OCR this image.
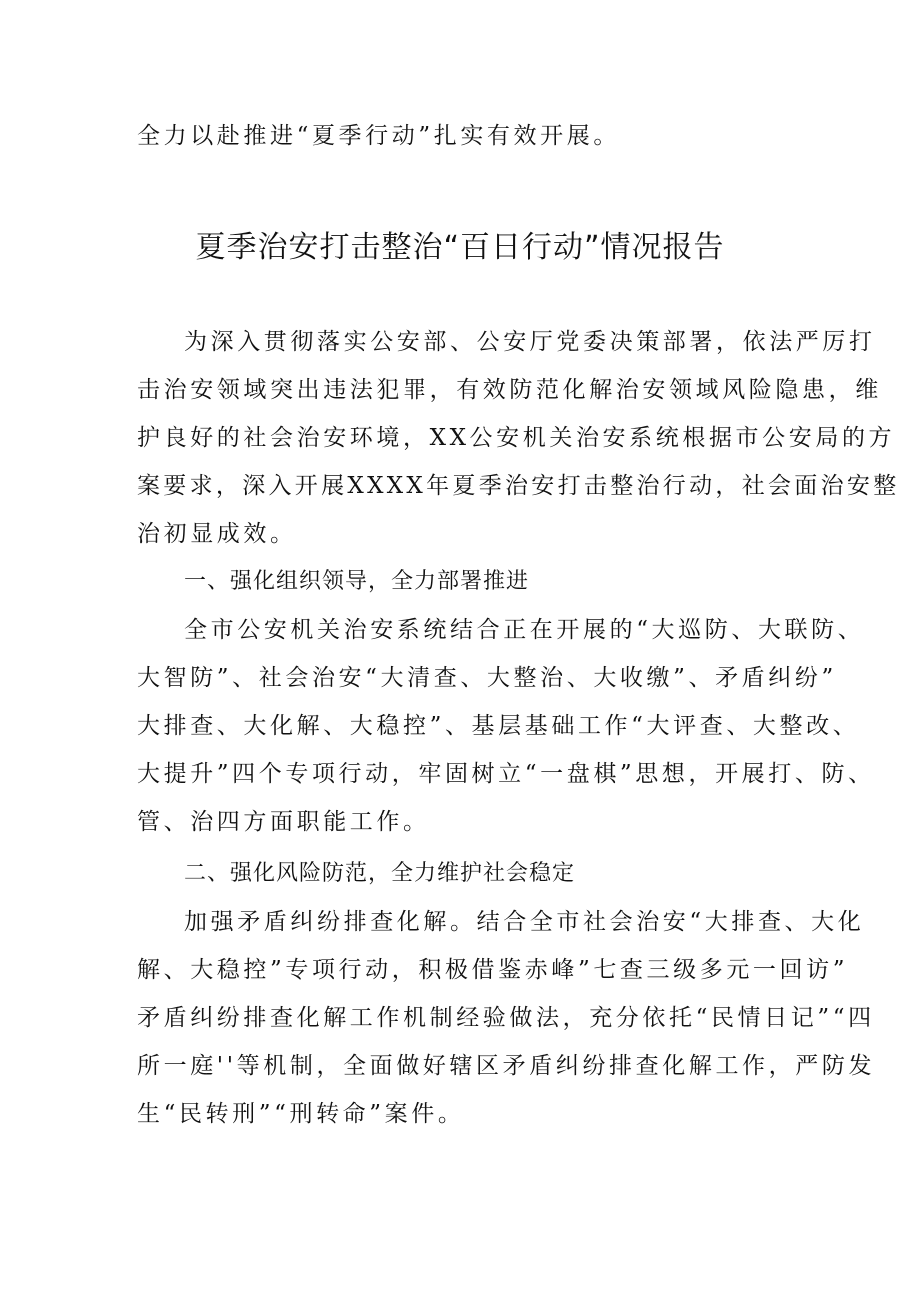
全力以赴推进“夏季行动”扎实有效开展。
夏季治安打击整治“百日行动”情况报告
为深入贯彻落实公安部、公安厅党委决策部署，依法严厉打
击治安领域突出违法犯罪，有效防范化解治安领域风险隐患，维
护良好的社会治安环境，XX公安机关治安系统根据市公安局的方
案要求，深入开展XXXX年夏季治安打击整治行动，社会面治安整
治初显成效。
一、强化组织领导，全力部署推进
全市公安机关治安系统结合正在开展的“大巡防、大联防、
大智防”、社会治安“大清查、大整治、大收缴”、矛盾纠纷”
大排查、大化解、大稳控”、基层基础工作“大评查、大整改、
大提升”四个专项行动，牢固树立“一盘棋”思想，开展打、防、
管、治四方面职能工作。
二、强化风险防范，全力维护社会稳定
加强矛盾纠纷排查化解。结合全市社会治安“大排查、大化
解、大稳控”专项行动，积极借鉴赤峰”七查三级多元一回访”
矛盾纠纷排查化解工作机制经验做法，充分依托“民情日记”“四
所一庭''等机制，全面做好辖区矛盾纠纷排查化解工作，严防发
生“民转刑”“刑转命”案件。
